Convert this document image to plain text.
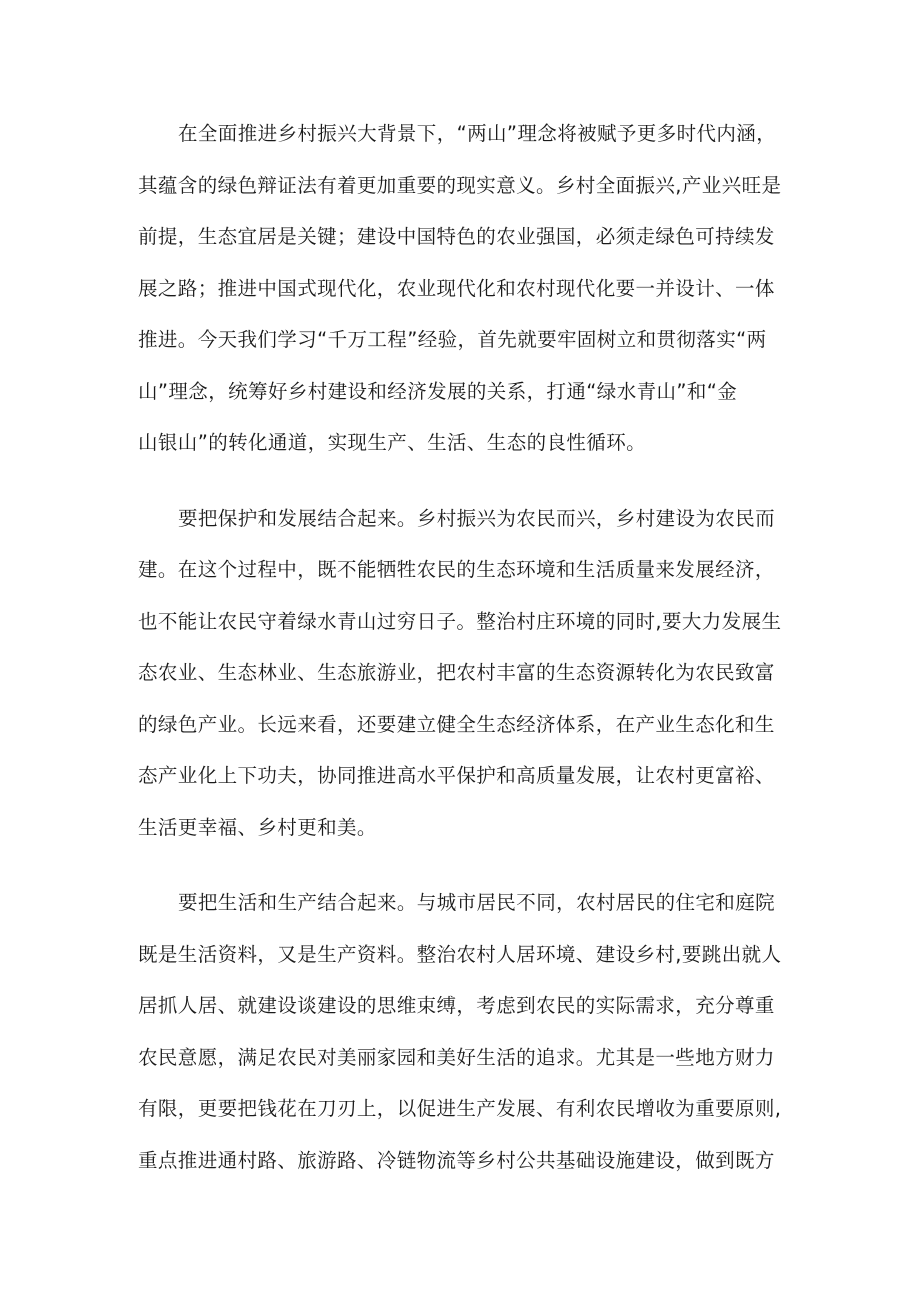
在全面推进乡村振兴大背景下，“两山”理念将被赋予更多时代内涵，
其蕴含的绿色辩证法有着更加重要的现实意义。乡村全面振兴,产业兴旺是
前提，生态宜居是关键；建设中国特色的农业强国，必须走绿色可持续发
展之路；推进中国式现代化，农业现代化和农村现代化要一并设计、一体
推进。今天我们学习“千万工程”经验，首先就要牢固树立和贯彻落实“两
山”理念，统筹好乡村建设和经济发展的关系，打通“绿水青山”和“金
山银山”的转化通道，实现生产、生活、生态的良性循环。

要把保护和发展结合起来。乡村振兴为农民而兴，乡村建设为农民而
建。在这个过程中，既不能牺牲农民的生态环境和生活质量来发展经济，
也不能让农民守着绿水青山过穷日子。整治村庄环境的同时,要大力发展生
态农业、生态林业、生态旅游业，把农村丰富的生态资源转化为农民致富
的绿色产业。长远来看，还要建立健全生态经济体系，在产业生态化和生
态产业化上下功夫，协同推进高水平保护和高质量发展，让农村更富裕、
生活更幸福、乡村更和美。

要把生活和生产结合起来。与城市居民不同，农村居民的住宅和庭院
既是生活资料，又是生产资料。整治农村人居环境、建设乡村,要跳出就人
居抓人居、就建设谈建设的思维束缚，考虑到农民的实际需求，充分尊重
农民意愿，满足农民对美丽家园和美好生活的追求。尤其是一些地方财力
有限，更要把钱花在刀刃上，以促进生产发展、有利农民增收为重要原则,
重点推进通村路、旅游路、冷链物流等乡村公共基础设施建设，做到既方
